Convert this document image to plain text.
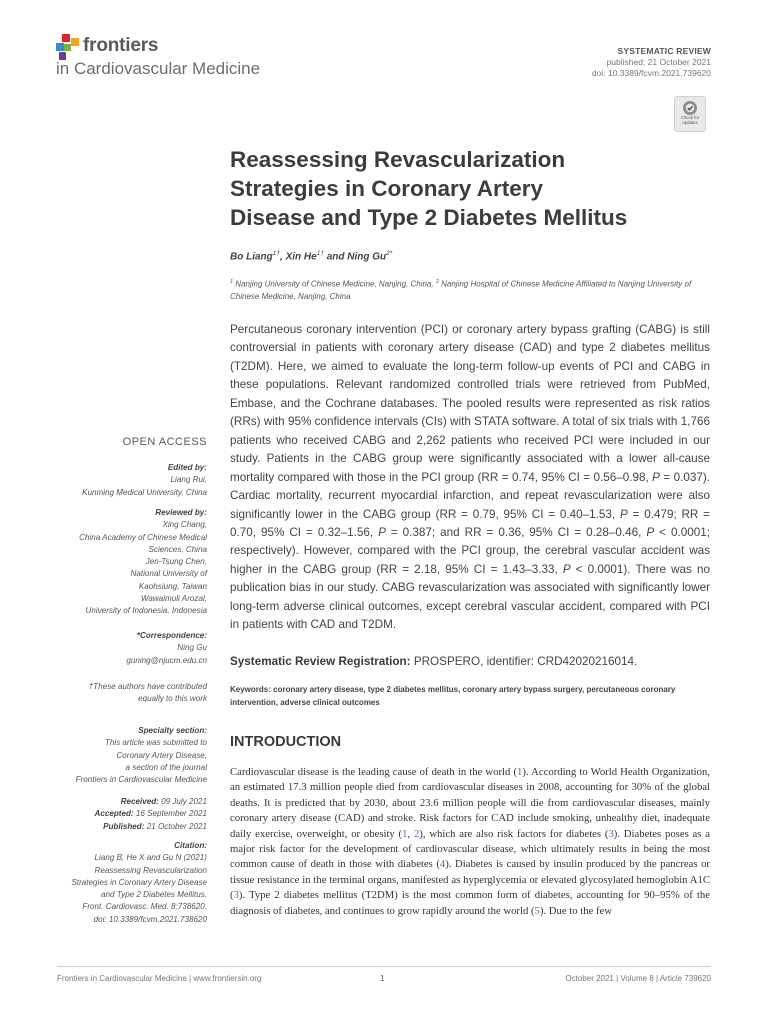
frontiers
in Cardiovascular Medicine
SYSTEMATIC REVIEW
published: 21 October 2021
doi: 10.3389/fcvm.2021.739620
Check for
updates
Reassessing Revascularization
Strategies in Coronary Artery
Disease and Type 2 Diabetes Mellitus
Bo Liang$^{1\dagger}$, Xin $He^{1\dagger}$ and Ning $Gu^{2*}$
$^1$ Nanjing University of Chinese Medicine, Nanjing, China, $^2$ Nanjing Hospital of Chinese Medicine Affiliated to Nanjing University of Chinese Medicine, Nanjing, China
Percutaneous coronary intervention (PCI) or coronary artery bypass grafting (CABG) is still controversial in patients with coronary artery disease (CAD) and type 2 diabetes mellitus (T2DM). Here, we aimed to evaluate the long-term follow-up events of PCI and CABG in these populations. Relevant randomized controlled trials were retrieved from PubMed, Embase, and the Cochrane databases. The pooled results were represented as risk ratios (RRs) with 95% confidence intervals (CIs) with STATA software. A total of six trials with 1,766 patients who received CABG and 2,262 patients who received PCI were included in our study. Patients in the CABG group were significantly associated with a lower all-cause mortality compared with those in the PCI group (RR = 0.74, 95% CI = 0.56–0.98, P = 0.037). Cardiac mortality, recurrent myocardial infarction, and repeat revascularization were also significantly lower in the CABG group (RR = 0.79, 95% CI = 0.40–1.53, P = 0.479; RR = 0.70, 95% CI = 0.32–1.56, P = 0.387; and RR = 0.36, 95% CI = 0.28–0.46, P < 0.0001; respectively). However, compared with the PCI group, the cerebral vascular accident was higher in the CABG group (RR = 2.18, 95% CI = 1.43–3.33, P < 0.0001). There was no publication bias in our study. CABG revascularization was associated with significantly lower long-term adverse clinical outcomes, except cerebral vascular accident, compared with PCI in patients with CAD and T2DM.
Systematic Review Registration: PROSPERO, identifier: CRD42020216014.
Keywords: coronary artery disease, type 2 diabetes mellitus, coronary artery bypass surgery, percutaneous coronary intervention, adverse clinical outcomes
INTRODUCTION
Cardiovascular disease is the leading cause of death in the world (1). According to World Health Organization, an estimated 17.3 million people died from cardiovascular diseases in 2008, accounting for 30% of the global deaths. It is predicted that by 2030, about 23.6 million people will die from cardiovascular diseases, mainly coronary artery disease (CAD) and stroke. Risk factors for CAD include smoking, unhealthy diet, inadequate daily exercise, overweight, or obesity (1, 2), which are also risk factors for diabetes (3). Diabetes poses as a major risk factor for the development of cardiovascular disease, which ultimately results in being the most common cause of death in those with diabetes (4). Diabetes is caused by insulin produced by the pancreas or tissue resistance in the terminal organs, manifested as hyperglycemia or elevated glycosylated hemoglobin A1C (3). Type 2 diabetes mellitus (T2DM) is the most common form of diabetes, accounting for 90–95% of the diagnosis of diabetes, and continues to grow rapidly around the world (5). Due to the few
OPEN ACCESS
Edited by:
Liang Rui,
Kunming Medical University, China
Reviewed by:
Xing Chang,
China Academy of Chinese Medical
Sciences, China
Jen-Tsung Chen,
National University of
Kaohsiung, Taiwan
Wawaimuli Arozal,
University of Indonesia, Indonesia
*Correspondence:
Ning Gu
guning@njucm.edu.cn
†These authors have contributed
equally to this work
Specialty section:
This article was submitted to
Coronary Artery Disease,
a section of the journal
Frontiers in Cardiovascular Medicine
Received: 09 July 2021
Accepted: 16 September 2021
Published: 21 October 2021
Citation:
Liang B, He X and Gu N (2021)
Reassessing Revascularization
Strategies in Coronary Artery Disease
and Type 2 Diabetes Mellitus.
Front. Cardiovasc. Med. 8:738620.
doi: 10.3389/fcvm.2021.738620
Frontiers in Cardiovascular Medicine | www.frontiersin.org	1	October 2021 | Volume 8 | Article 739620
